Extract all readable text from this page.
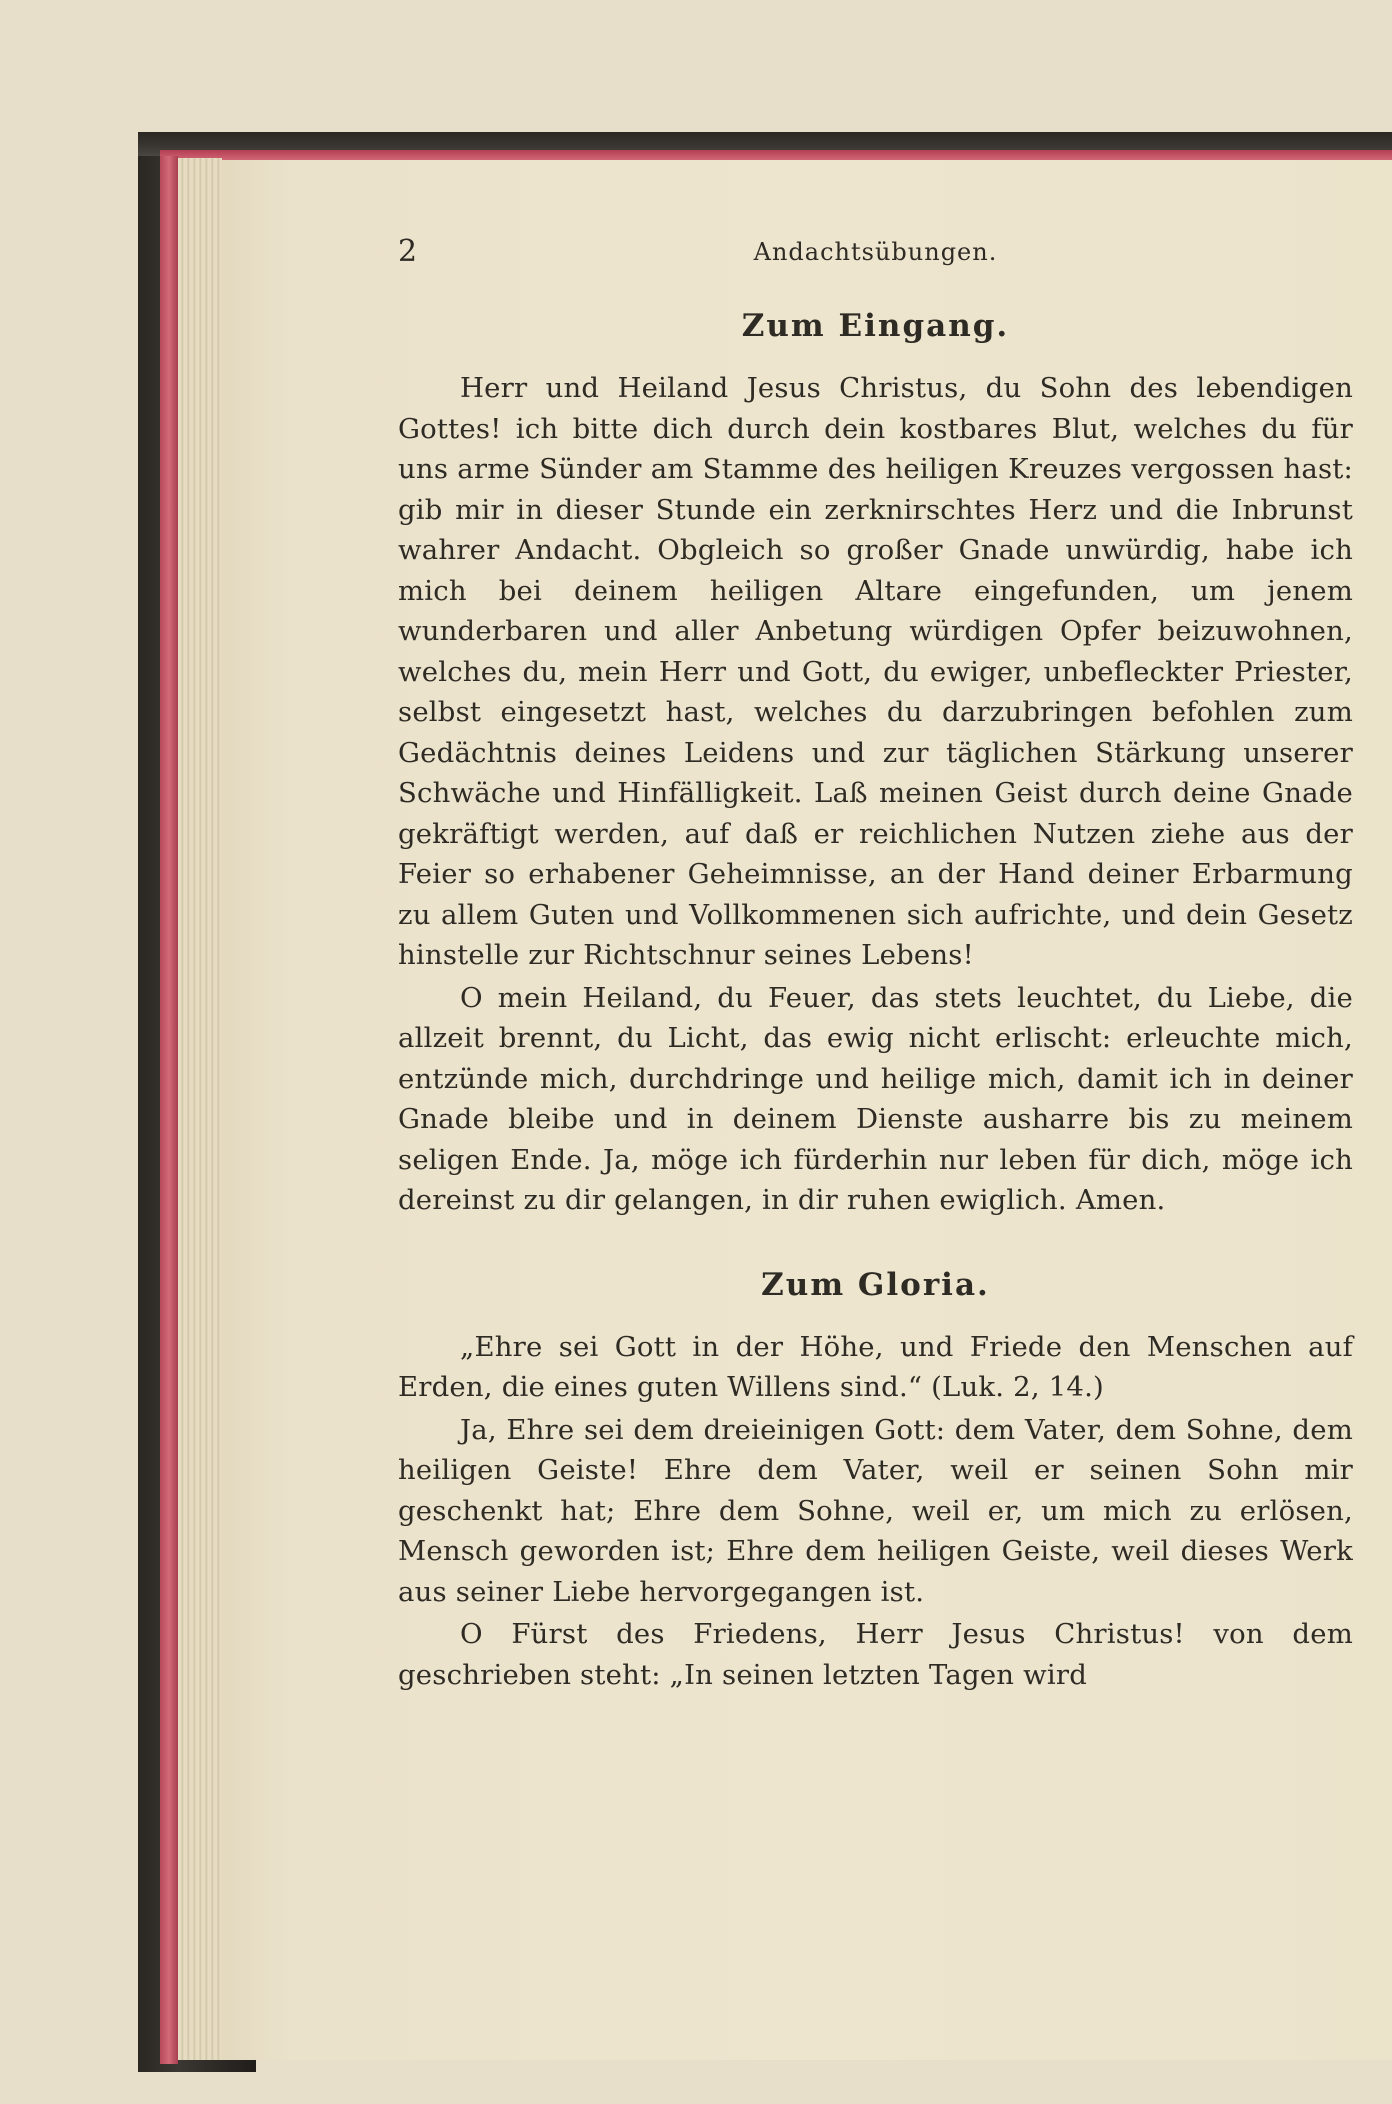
2	Andachtsübungen.
Zum Eingang.

Herr und Heiland Jesus Christus, du Sohn des lebendigen Gottes! ich bitte dich durch dein kostbares Blut, welches du für uns arme Sünder am Stamme des heiligen Kreuzes vergossen hast: gib mir in dieser Stunde ein zerknirschtes Herz und die Inbrunst wahrer Andacht. Obgleich so großer Gnade unwürdig, habe ich mich bei deinem heiligen Altare eingefunden, um jenem wunderbaren und aller Anbetung würdigen Opfer beizuwohnen, welches du, mein Herr und Gott, du ewiger, unbefleckter Priester, selbst eingesetzt hast, welches du darzubringen befohlen zum Gedächtnis deines Leidens und zur täglichen Stärkung unserer Schwäche und Hinfälligkeit. Laß meinen Geist durch deine Gnade gekräftigt werden, auf daß er reichlichen Nutzen ziehe aus der Feier so erhabener Geheimnisse, an der Hand deiner Erbarmung zu allem Guten und Vollkommenen sich aufrichte, und dein Gesetz hinstelle zur Richtschnur seines Lebens!

O mein Heiland, du Feuer, das stets leuchtet, du Liebe, die allzeit brennt, du Licht, das ewig nicht erlischt: erleuchte mich, entzünde mich, durchdringe und heilige mich, damit ich in deiner Gnade bleibe und in deinem Dienste ausharre bis zu meinem seligen Ende. Ja, möge ich fürderhin nur leben für dich, möge ich dereinst zu dir gelangen, in dir ruhen ewiglich. Amen.

Zum Gloria.

„Ehre sei Gott in der Höhe, und Friede den Menschen auf Erden, die eines guten Willens sind.“ (Luk. 2, 14.)

Ja, Ehre sei dem dreieinigen Gott: dem Vater, dem Sohne, dem heiligen Geiste! Ehre dem Vater, weil er seinen Sohn mir geschenkt hat; Ehre dem Sohne, weil er, um mich zu erlösen, Mensch geworden ist; Ehre dem heiligen Geiste, weil dieses Werk aus seiner Liebe hervorgegangen ist.

O Fürst des Friedens, Herr Jesus Christus! von dem geschrieben steht: „In seinen letzten Tagen wird
